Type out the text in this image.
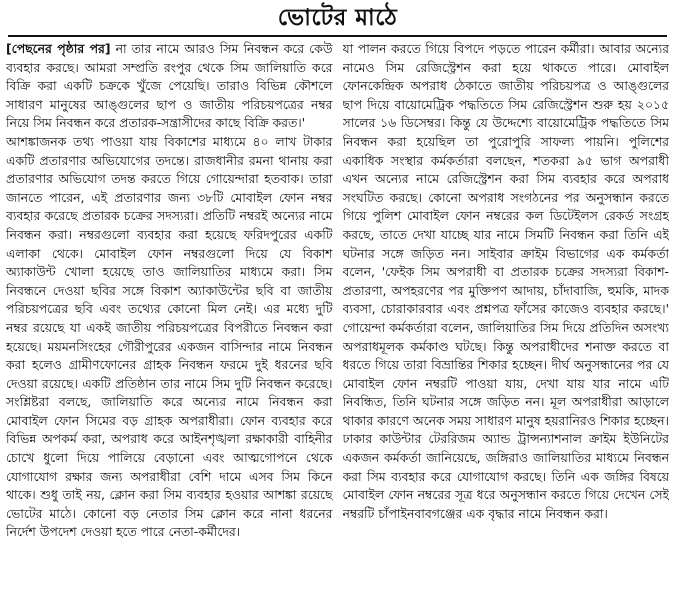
ভোটের মাঠে

[পেছনের পৃষ্ঠার পর] না তার নামে আরও সিম নিবন্ধন করে কেউ ব্যবহার করছে। আমরা সম্প্রতি রংপুর থেকে সিম জালিয়াতি করে বিক্রি করা একটি চক্রকে খুঁজে পেয়েছি। তারাও বিভিন্ন কৌশলে সাধারণ মানুষের আঙ্গুলের ছাপ ও জাতীয় পরিচয়পত্রের নম্বর নিয়ে সিম নিবন্ধন করে প্রতারক-সন্ত্রাসীদের কাছে বিক্রি করত।'

আশঙ্কাজনক তথ্য পাওয়া যায় বিকাশের মাধ্যমে ৪০ লাখ টাকার একটি প্রতারণার অভিযোগের তদন্তে। রাজধানীর রমনা থানায় করা প্রতারণার অভিযোগ তদন্ত করতে গিয়ে গোয়েন্দারা হতবাক। তারা জানতে পারেন, এই প্রতারণার জন্য ৩৮টি মোবাইল ফোন নম্বর ব্যবহার করেছে প্রতারক চক্রের সদস্যরা। প্রতিটি নম্বরই অন্যের নামে নিবন্ধন করা। নম্বরগুলো ব্যবহার করা হয়েছে ফরিদপুরের একটি এলাকা থেকে। মোবাইল ফোন নম্বরগুলো দিয়ে যে বিকাশ অ্যাকাউন্ট খোলা হয়েছে তাও জালিয়াতির মাধ্যমে করা। সিম নিবন্ধনে দেওয়া ছবির সঙ্গে বিকাশ অ্যাকাউন্টের ছবি বা জাতীয় পরিচয়পত্রের ছবি এবং তথ্যের কোনো মিল নেই। এর মধ্যে দুটি নম্বর রয়েছে যা একই জাতীয় পরিচয়পত্রের বিপরীতে নিবন্ধন করা হয়েছে। ময়মনসিংহের গৌরীপুরের একজন বাসিন্দার নামে নিবন্ধন করা হলেও গ্রামীণফোনের গ্রাহক নিবন্ধন ফরমে দুই ধরনের ছবি দেওয়া রয়েছে। একটি প্রতিষ্ঠান তার নামে সিম দুটি নিবন্ধন করেছে। সংশ্লিষ্টরা বলছে, জালিয়াতি করে অন্যের নামে নিবন্ধন করা মোবাইল ফোন সিমের বড় গ্রাহক অপরাধীরা। ফোন ব্যবহার করে বিভিন্ন অপকর্ম করা, অপরাধ করে আইনশৃঙ্খলা রক্ষাকারী বাহিনীর চোখে ধুলো দিয়ে পালিয়ে বেড়ানো এবং আত্মগোপনে থেকে যোগাযোগ রক্ষার জন্য অপরাধীরা বেশি দামে এসব সিম কিনে থাকে। শুধু তাই নয়, ক্লোন করা সিম ব্যবহার হওয়ার আশঙ্কা রয়েছে ভোটের মাঠে। কোনো বড় নেতার সিম ক্লোন করে নানা ধরনের নির্দেশ উপদেশ দেওয়া হতে পারে নেতা-কর্মীদের।

যা পালন করতে গিয়ে বিপদে পড়তে পারেন কর্মীরা। আবার অন্যের নামেও সিম রেজিস্ট্রেশন করা হয়ে থাকতে পারে। মোবাইল ফোনকেন্দ্রিক অপরাধ ঠেকাতে জাতীয় পরিচয়পত্র ও আঙ্গুলের ছাপ দিয়ে বায়োমেট্রিক পদ্ধতিতে সিম রেজিস্ট্রেশন শুরু হয় ২০১৫ সালের ১৬ ডিসেম্বর। কিন্তু যে উদ্দেশ্যে বায়োমেট্রিক পদ্ধতিতে সিম নিবন্ধন করা হয়েছিল তা পুরোপুরি সাফল্য পায়নি। পুলিশের একাধিক সংস্থার কর্মকর্তারা বলছেন, শতকরা ৯৫ ভাগ অপরাধী এখন অন্যের নামে রেজিস্ট্রেশন করা সিম ব্যবহার করে অপরাধ সংঘটিত করছে। কোনো অপরাধ সংগঠনের পর অনুসন্ধান করতে গিয়ে পুলিশ মোবাইল ফোন নম্বরের কল ডিটেইলস রেকর্ড সংগ্রহ করছে, তাতে দেখা যাচ্ছে যার নামে সিমটি নিবন্ধন করা তিনি এই ঘটনার সঙ্গে জড়িত নন। সাইবার ক্রাইম বিভাগের এক কর্মকর্তা বলেন, 'ফেইক সিম অপরাধী বা প্রতারক চক্রের সদস্যরা বিকাশ-প্রতারণা, অপহরণের পর মুক্তিপণ আদায়, চাঁদাবাজি, হুমকি, মাদক ব্যবসা, চোরাকারবার এবং প্রশ্নপত্র ফাঁসের কাজেও ব্যবহার করছে।' গোয়েন্দা কর্মকর্তারা বলেন, জালিয়াতির সিম দিয়ে প্রতিদিন অসংখ্য অপরাধমূলক কর্মকাণ্ড ঘটছে। কিন্তু অপরাধীদের শনাক্ত করতে বা ধরতে গিয়ে তারা বিভ্রান্তির শিকার হচ্ছেন। দীর্ঘ অনুসন্ধানের পর যে মোবাইল ফোন নম্বরটি পাওয়া যায়, দেখা যায় যার নামে এটি নিবন্ধিত, তিনি ঘটনার সঙ্গে জড়িত নন। মূল অপরাধীরা আড়ালে থাকার কারণে অনেক সময় সাধারণ মানুষ হয়রানিরও শিকার হচ্ছেন। ঢাকার কাউন্টার টেররিজম অ্যান্ড ট্রান্সন্যাশনাল ক্রাইম ইউনিটের একজন কর্মকর্তা জানিয়েছে, জঙ্গিরাও জালিয়াতির মাধ্যমে নিবন্ধন করা সিম ব্যবহার করে যোগাযোগ করছে। তিনি এক জঙ্গির বিষয়ে মোবাইল ফোন নম্বরের সূত্র ধরে অনুসন্ধান করতে গিয়ে দেখেন সেই নম্বরটি চাঁপাইনবাবগঞ্জের এক বৃদ্ধার নামে নিবন্ধন করা।
